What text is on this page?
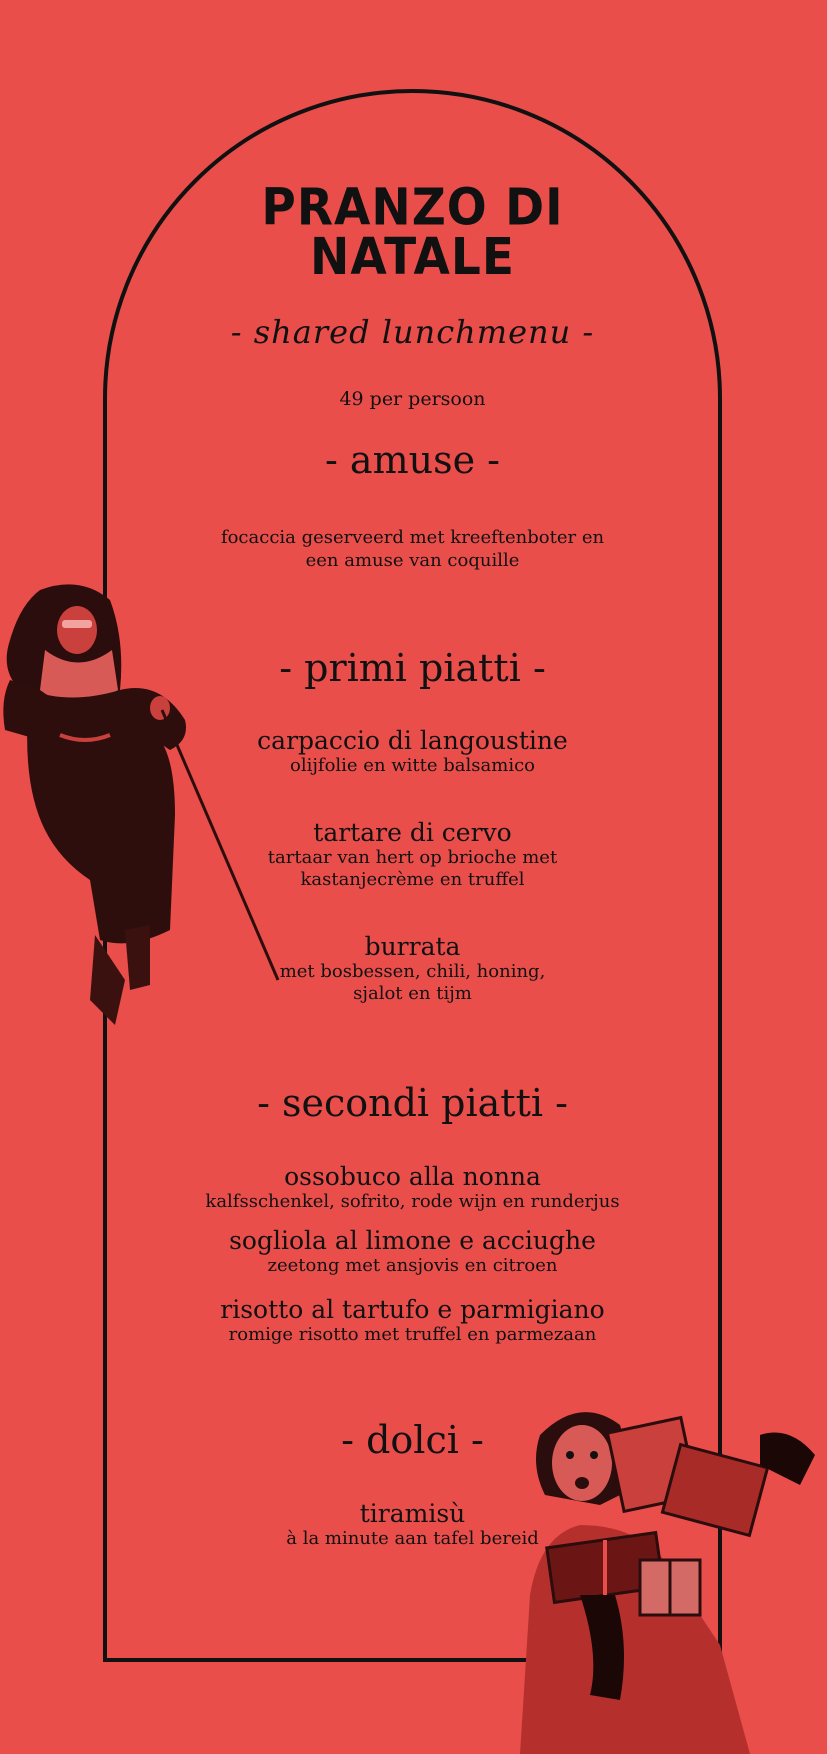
PRANZO DI
NATALE
- shared lunchmenu -
49 per persoon
- amuse -
focaccia geserveerd met kreeftenboter en
een amuse van coquille
- primi piatti -
carpaccio di langoustine
olijfolie en witte balsamico
tartare di cervo
tartaar van hert op brioche met
kastanjecrème en truffel
burrata
met bosbessen, chili, honing,
sjalot en tijm
- secondi piatti -
ossobuco alla nonna
kalfsschenkel, sofrito, rode wijn en runderjus
sogliola al limone e acciughe
zeetong met ansjovis en citroen
risotto al tartufo e parmigiano
romige risotto met truffel en parmezaan
- dolci -
tiramisù
à la minute aan tafel bereid
